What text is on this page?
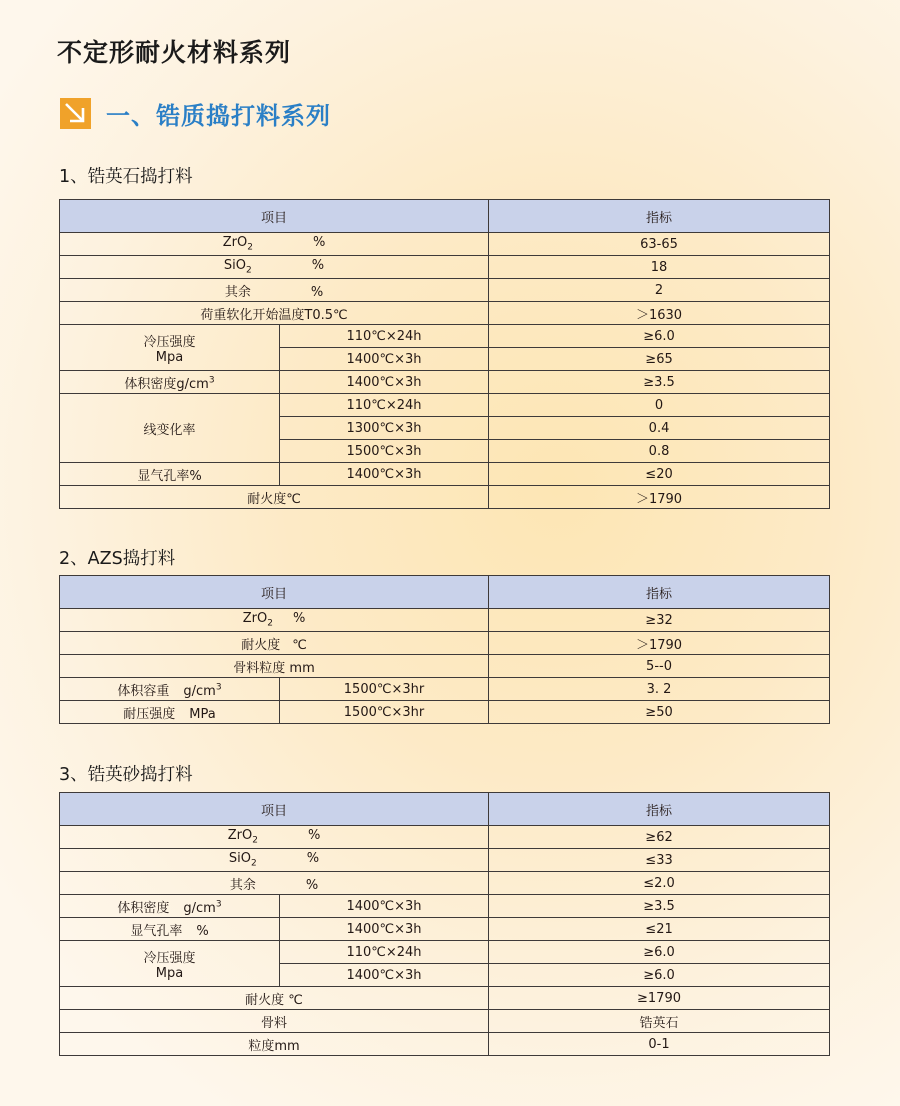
不定形耐火材料系列
一、锆质捣打料系列
1、锆英石捣打料
项目		指标
ZrO$_2$ %		63-65
SiO$_2$ %		18
其余 %		2
荷重软化开始温度T0.5℃		＞1630

冷压强度
Mpa	110℃×24h	≥6.0
	1400℃×3h	≥65
体积密度$g/cm^3$	1400℃×3h	≥3.5
线变化率	110℃×24h	0
	1300℃×3h	0.4
	1500℃×3h	0.8
显气孔率%	1400℃×3h	≤20
耐火度℃		＞1790
2、AZS捣打料
项目		指标
ZrO$_2$ %		≥32
耐火度 ℃		＞1790
骨料粒度 mm		5--0
体积容重 $g/cm^3$	1500℃×3hr	3. 2
耐压强度 MPa	1500℃×3hr	≥50
3、锆英砂捣打料
项目		指标
ZrO$_2$ %		≥62
SiO$_2$ %		≤33
其余 %		≤2.0
体积密度 $g/cm^3$	1400℃×3h	≥3.5
显气孔率 %	1400℃×3h	≤21

冷压强度
Mpa	110℃×24h	≥6.0
	1400℃×3h	≥6.0
耐火度 ℃		≥1790
骨料		锆英石
粒度mm		0-1
